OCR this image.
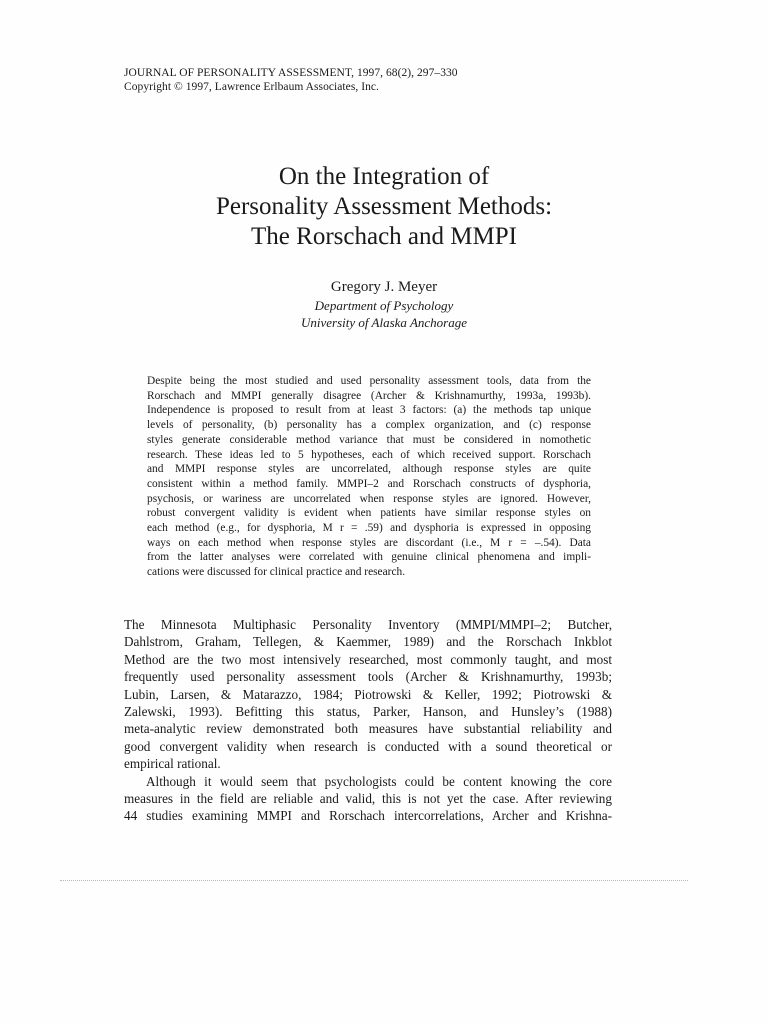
JOURNAL OF PERSONALITY ASSESSMENT, 1997, 68(2), 297–330
Copyright © 1997, Lawrence Erlbaum Associates, Inc.
On the Integration of
Personality Assessment Methods:
The Rorschach and MMPI
Gregory J. Meyer
Department of Psychology
University of Alaska Anchorage
Despite being the most studied and used personality assessment tools, data from the
Rorschach and MMPI generally disagree (Archer & Krishnamurthy, 1993a, 1993b).
Independence is proposed to result from at least 3 factors: (a) the methods tap unique
levels of personality, (b) personality has a complex organization, and (c) response
styles generate considerable method variance that must be considered in nomothetic
research. These ideas led to 5 hypotheses, each of which received support. Rorschach
and MMPI response styles are uncorrelated, although response styles are quite
consistent within a method family. MMPI–2 and Rorschach constructs of dysphoria,
psychosis, or wariness are uncorrelated when response styles are ignored. However,
robust convergent validity is evident when patients have similar response styles on
each method (e.g., for dysphoria, M r = .59) and dysphoria is expressed in opposing
ways on each method when response styles are discordant (i.e., M r = –.54). Data
from the latter analyses were correlated with genuine clinical phenomena and impli-
cations were discussed for clinical practice and research.
The Minnesota Multiphasic Personality Inventory (MMPI/MMPI–2; Butcher,
Dahlstrom, Graham, Tellegen, & Kaemmer, 1989) and the Rorschach Inkblot
Method are the two most intensively researched, most commonly taught, and most
frequently used personality assessment tools (Archer & Krishnamurthy, 1993b;
Lubin, Larsen, & Matarazzo, 1984; Piotrowski & Keller, 1992; Piotrowski &
Zalewski, 1993). Befitting this status, Parker, Hanson, and Hunsley’s (1988)
meta-analytic review demonstrated both measures have substantial reliability and
good convergent validity when research is conducted with a sound theoretical or
empirical rational.
Although it would seem that psychologists could be content knowing the core
measures in the field are reliable and valid, this is not yet the case. After reviewing
44 studies examining MMPI and Rorschach intercorrelations, Archer and Krishna-
